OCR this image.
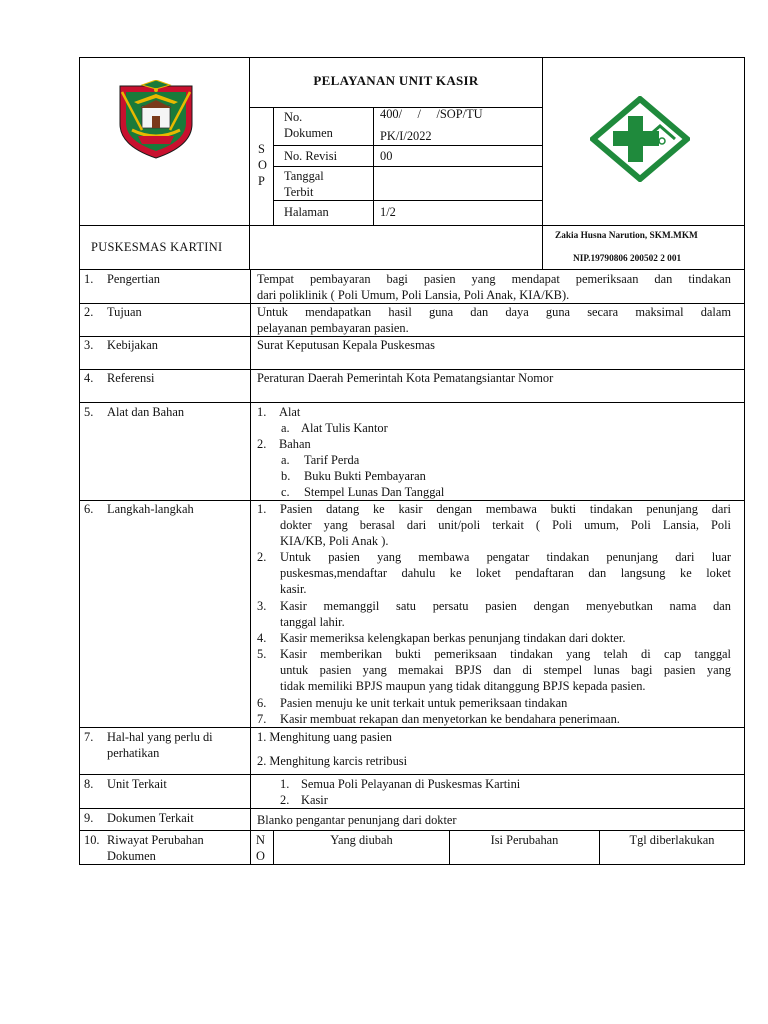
PELAYANAN UNIT KASIR
S
O
P
No.
Dokumen
No. Revisi
Tanggal
Terbit
Halaman
400/     /     /SOP/TU
PK/I/2022
00
1/2
PUSKESMAS KARTINI
Zakia Husna Narution, SKM.MKM
NIP.19790806 200502 2 001
1. Pengertian
2. Tujuan
3. Kebijakan
4. Referensi
5. Alat dan Bahan
6. Langkah-langkah
7. Hal-hal yang perlu di
perhatikan
8. Unit Terkait
9. Dokumen Terkait
10. Riwayat Perubahan
Dokumen
Tempat pembayaran bagi pasien yang mendapat pemeriksaan dan tindakan
dari poliklinik ( Poli Umum, Poli Lansia, Poli Anak, KIA/KB).
Untuk mendapatkan hasil guna dan daya guna secara maksimal dalam
pelayanan pembayaran pasien.
Surat Keputusan Kepala Puskesmas
Peraturan Daerah Pemerintah Kota Pematangsiantar Nomor
1. Alat
a. Alat Tulis Kantor
2. Bahan
a. Tarif Perda
b. Buku Bukti Pembayaran
c. Stempel Lunas Dan Tanggal
1. Pasien datang ke kasir dengan membawa bukti tindakan penunjang dari
dokter yang berasal dari unit/poli terkait ( Poli umum, Poli Lansia, Poli
KIA/KB, Poli Anak ).
2. Untuk pasien yang membawa pengatar tindakan penunjang dari luar
puskesmas,mendaftar dahulu ke loket pendaftaran dan langsung ke loket
kasir.
3. Kasir memanggil satu persatu pasien dengan menyebutkan nama dan
tanggal lahir.
4. Kasir memeriksa kelengkapan berkas penunjang tindakan dari dokter.
5. Kasir memberikan bukti pemeriksaan tindakan yang telah di cap tanggal
untuk pasien yang memakai BPJS dan di stempel lunas bagi pasien yang
tidak memiliki BPJS maupun yang tidak ditanggung BPJS kepada pasien.
6. Pasien menuju ke unit terkait untuk pemeriksaan tindakan
7. Kasir membuat rekapan dan menyetorkan ke bendahara penerimaan.
1. Menghitung uang pasien
2. Menghitung karcis retribusi
1. Semua Poli Pelayanan di Puskesmas Kartini
2. Kasir
Blanko pengantar penunjang dari dokter
N
O
Yang diubah	Isi Perubahan	Tgl diberlakukan
